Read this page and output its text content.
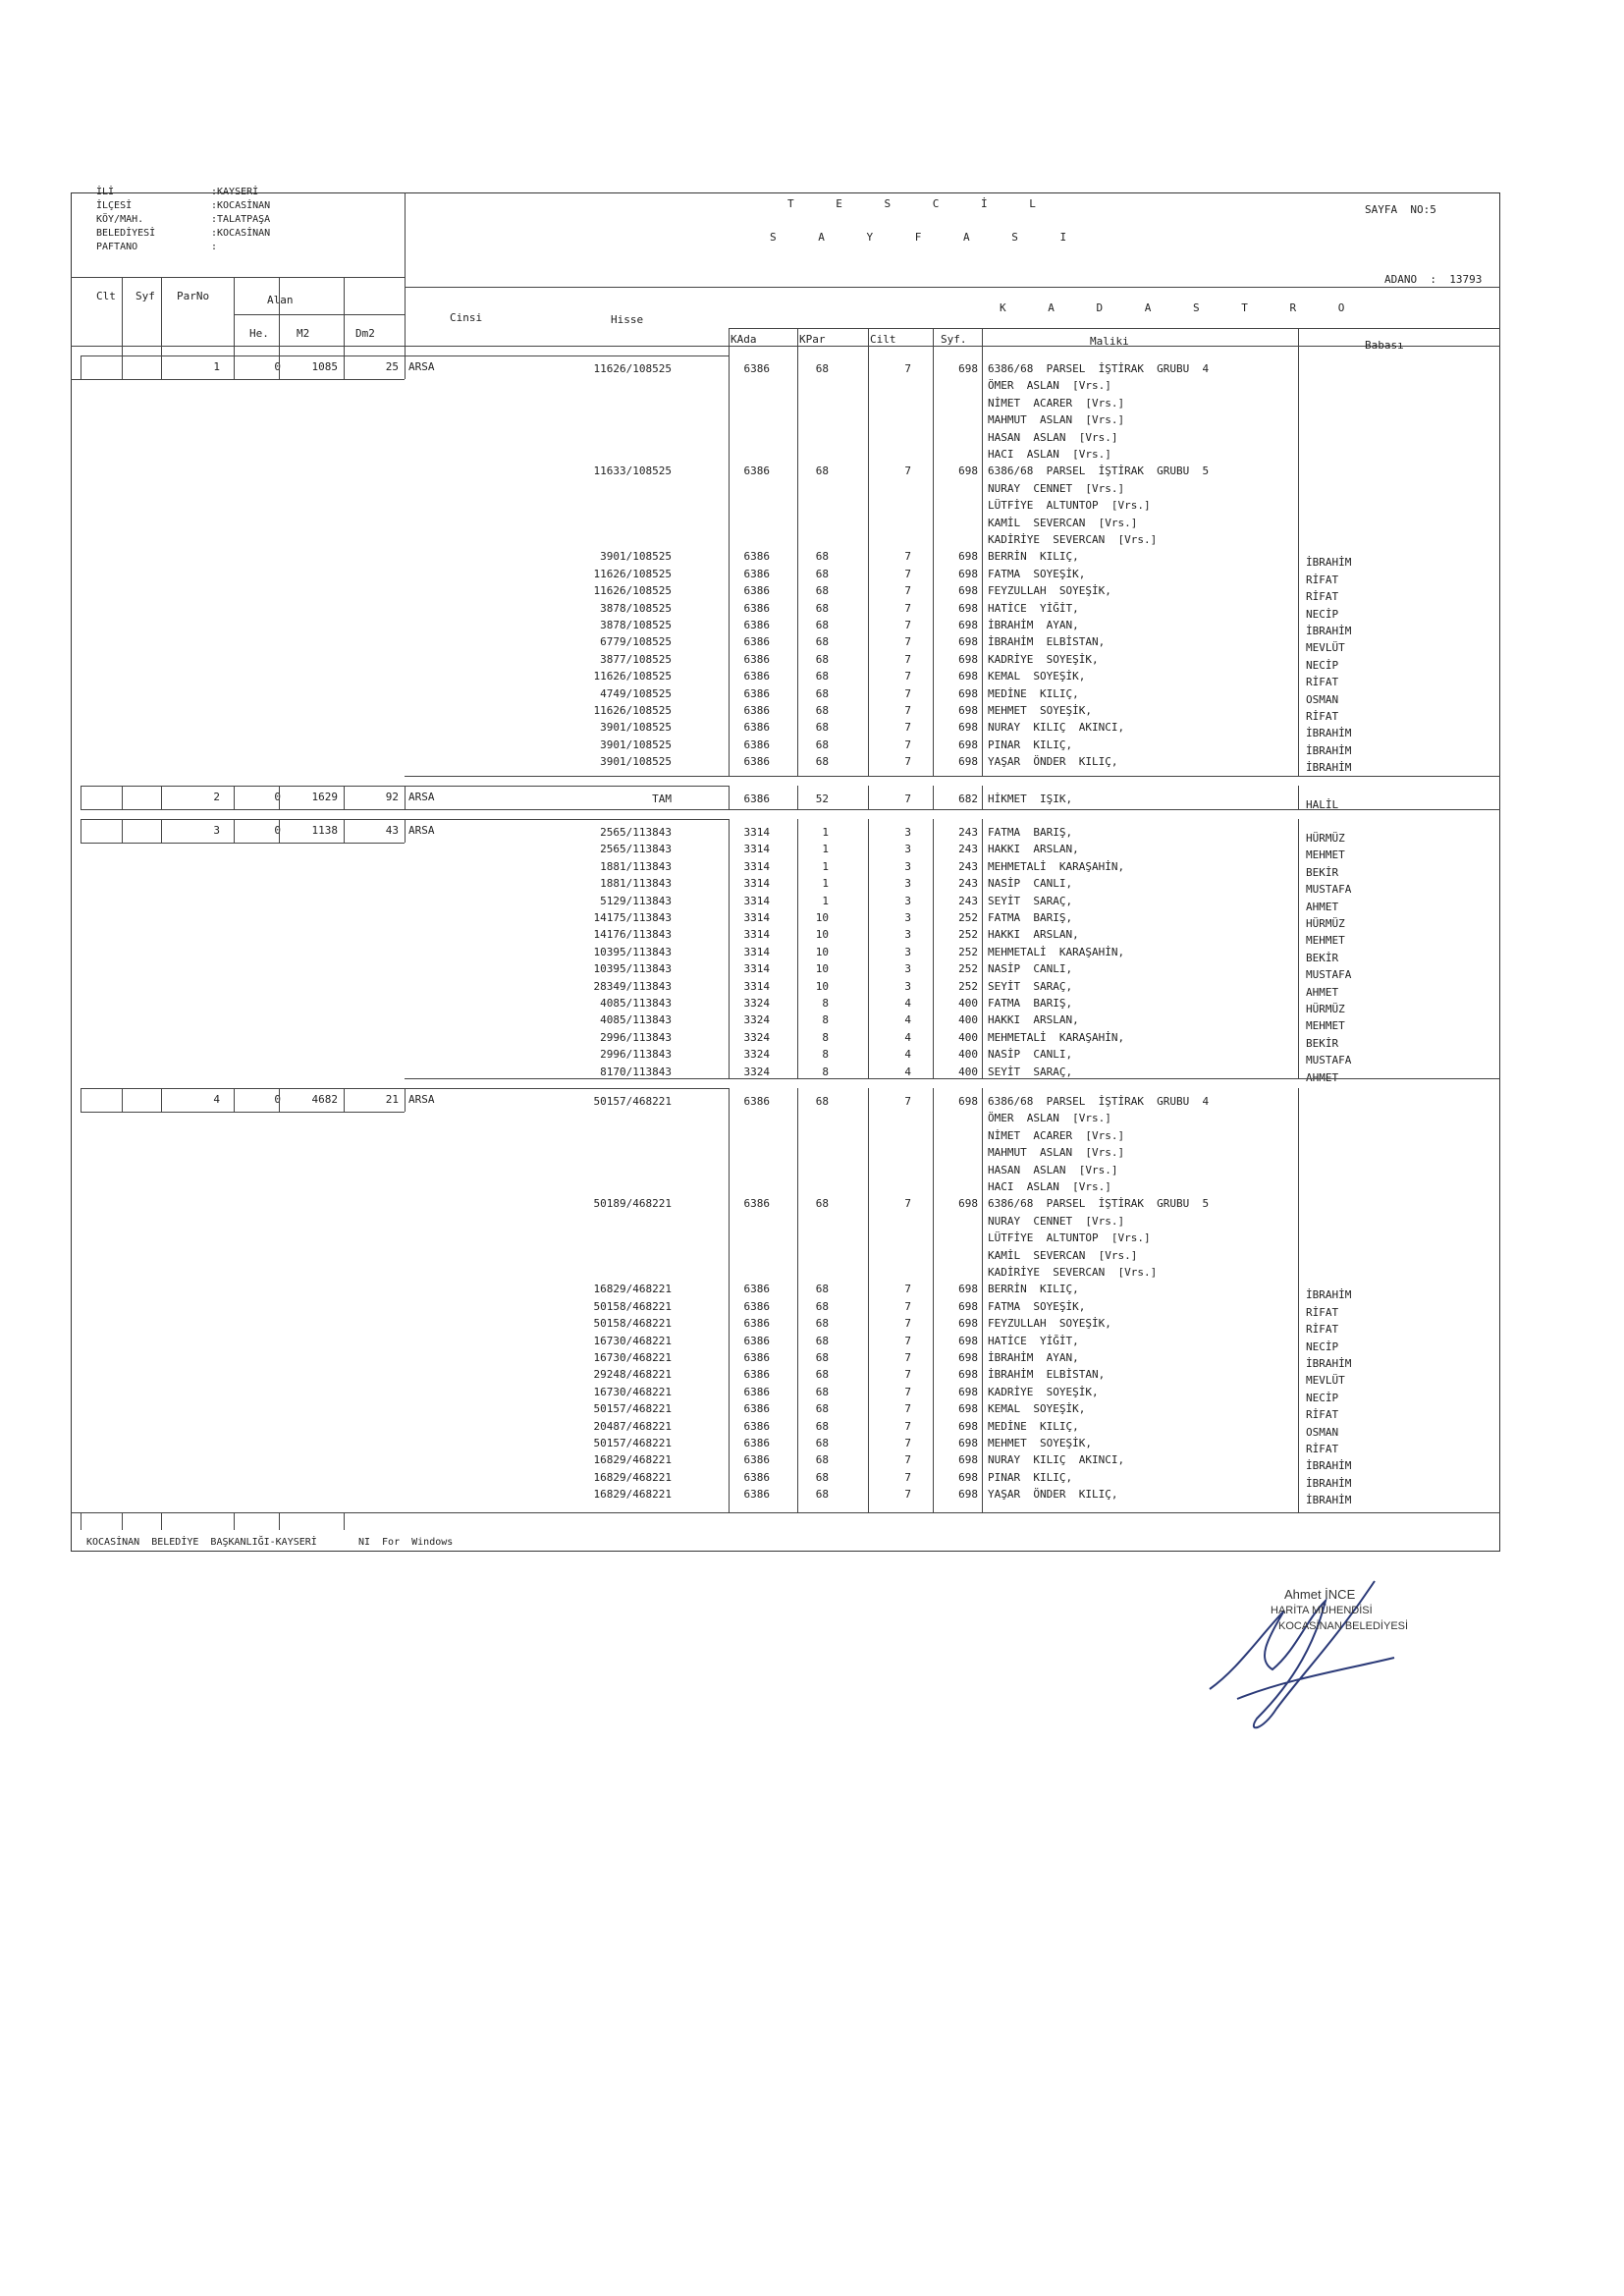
İLİ	:KAYSERİ
İLÇESİ	:KOCASİNAN
KÖY/MAH.	:TALATPAŞA
BELEDİYESİ	:KOCASİNAN
PAFTANO	:
T E S C İ L
S A Y F A S I
SAYFA  NO:5
ADANO  :  13793
Clt Syf ParNo	Alan
He.	M2	Dm2
Cinsi	Hisse
K A D A S T R O
KAda	KPar	Cilt	Syf.	Maliki	Babası
1	0	1085	25 ARSA	11626/108525	6386	68	7	698 6386/68  PARSEL  İŞTİRAK  GRUBU  4
ÖMER  ASLAN  [Vrs.]
NİMET  ACARER  [Vrs.]
MAHMUT  ASLAN  [Vrs.]
HASAN  ASLAN  [Vrs.]
HACI  ASLAN  [Vrs.]
11633/108525	6386	68	7	698 6386/68  PARSEL  İŞTİRAK  GRUBU  5
NURAY  CENNET  [Vrs.]
LÜTFİYE  ALTUNTOP  [Vrs.]
KAMİL  SEVERCAN  [Vrs.]
KADİRİYE  SEVERCAN  [Vrs.]
3901/108525	6386	68	7	698 BERRİN  KILIÇ,	İBRAHİM
11626/108525	6386	68	7	698 FATMA  SOYEŞİK,	RİFAT
11626/108525	6386	68	7	698 FEYZULLAH  SOYEŞİK,	RİFAT
3878/108525	6386	68	7	698 HATİCE  YİĞİT,	NECİP
3878/108525	6386	68	7	698 İBRAHİM  AYAN,	İBRAHİM
6779/108525	6386	68	7	698 İBRAHİM  ELBİSTAN,	MEVLÜT
3877/108525	6386	68	7	698 KADRİYE  SOYEŞİK,	NECİP
11626/108525	6386	68	7	698 KEMAL  SOYEŞİK,	RİFAT
4749/108525	6386	68	7	698 MEDİNE  KILIÇ,	OSMAN
11626/108525	6386	68	7	698 MEHMET  SOYEŞİK,	RİFAT
3901/108525	6386	68	7	698 NURAY  KILIÇ  AKINCI,	İBRAHİM
3901/108525	6386	68	7	698 PINAR  KILIÇ,	İBRAHİM
3901/108525	6386	68	7	698 YAŞAR  ÖNDER  KILIÇ,	İBRAHİM
2	0	1629	92 ARSA	TAM	6386	52	7	682 HİKMET  IŞIK,	HALİL
3	0	1138	43 ARSA	2565/113843	3314	1	3	243 FATMA  BARIŞ,	HÜRMÜZ
2565/113843	3314	1	3	243 HAKKI  ARSLAN,	MEHMET
1881/113843	3314	1	3	243 MEHMETALİ  KARAŞAHİN,	BEKİR
1881/113843	3314	1	3	243 NASİP  CANLI,	MUSTAFA
5129/113843	3314	1	3	243 SEYİT  SARAÇ,	AHMET
14175/113843	3314	10	3	252 FATMA  BARIŞ,	HÜRMÜZ
14176/113843	3314	10	3	252 HAKKI  ARSLAN,	MEHMET
10395/113843	3314	10	3	252 MEHMETALİ  KARAŞAHİN,	BEKİR
10395/113843	3314	10	3	252 NASİP  CANLI,	MUSTAFA
28349/113843	3314	10	3	252 SEYİT  SARAÇ,	AHMET
4085/113843	3324	8	4	400 FATMA  BARIŞ,	HÜRMÜZ
4085/113843	3324	8	4	400 HAKKI  ARSLAN,	MEHMET
2996/113843	3324	8	4	400 MEHMETALİ  KARAŞAHİN,	BEKİR
2996/113843	3324	8	4	400 NASİP  CANLI,	MUSTAFA
8170/113843	3324	8	4	400 SEYİT  SARAÇ,	AHMET
4	0	4682	21 ARSA	50157/468221	6386	68	7	698 6386/68  PARSEL  İŞTİRAK  GRUBU  4
ÖMER  ASLAN  [Vrs.]
NİMET  ACARER  [Vrs.]
MAHMUT  ASLAN  [Vrs.]
HASAN  ASLAN  [Vrs.]
HACI  ASLAN  [Vrs.]
50189/468221	6386	68	7	698 6386/68  PARSEL  İŞTİRAK  GRUBU  5
NURAY  CENNET  [Vrs.]
LÜTFİYE  ALTUNTOP  [Vrs.]
KAMİL  SEVERCAN  [Vrs.]
KADİRİYE  SEVERCAN  [Vrs.]
16829/468221	6386	68	7	698 BERRİN  KILIÇ,	İBRAHİM
50158/468221	6386	68	7	698 FATMA  SOYEŞİK,	RİFAT
50158/468221	6386	68	7	698 FEYZULLAH  SOYEŞİK,	RİFAT
16730/468221	6386	68	7	698 HATİCE  YİĞİT,	NECİP
16730/468221	6386	68	7	698 İBRAHİM  AYAN,	İBRAHİM
29248/468221	6386	68	7	698 İBRAHİM  ELBİSTAN,	MEVLÜT
16730/468221	6386	68	7	698 KADRİYE  SOYEŞİK,	NECİP
50157/468221	6386	68	7	698 KEMAL  SOYEŞİK,	RİFAT
20487/468221	6386	68	7	698 MEDİNE  KILIÇ,	OSMAN
50157/468221	6386	68	7	698 MEHMET  SOYEŞİK,	RİFAT
16829/468221	6386	68	7	698 NURAY  KILIÇ  AKINCI,	İBRAHİM
16829/468221	6386	68	7	698 PINAR  KILIÇ,	İBRAHİM
16829/468221	6386	68	7	698 YAŞAR  ÖNDER  KILIÇ,	İBRAHİM
KOCASİNAN  BELEDİYE  BAŞKANLIĞI-KAYSERİ       NI  For  Windows
Ahmet İNCE
HARİTA MÜHENDİSİ
KOCASİNAN BELEDİYESİ
